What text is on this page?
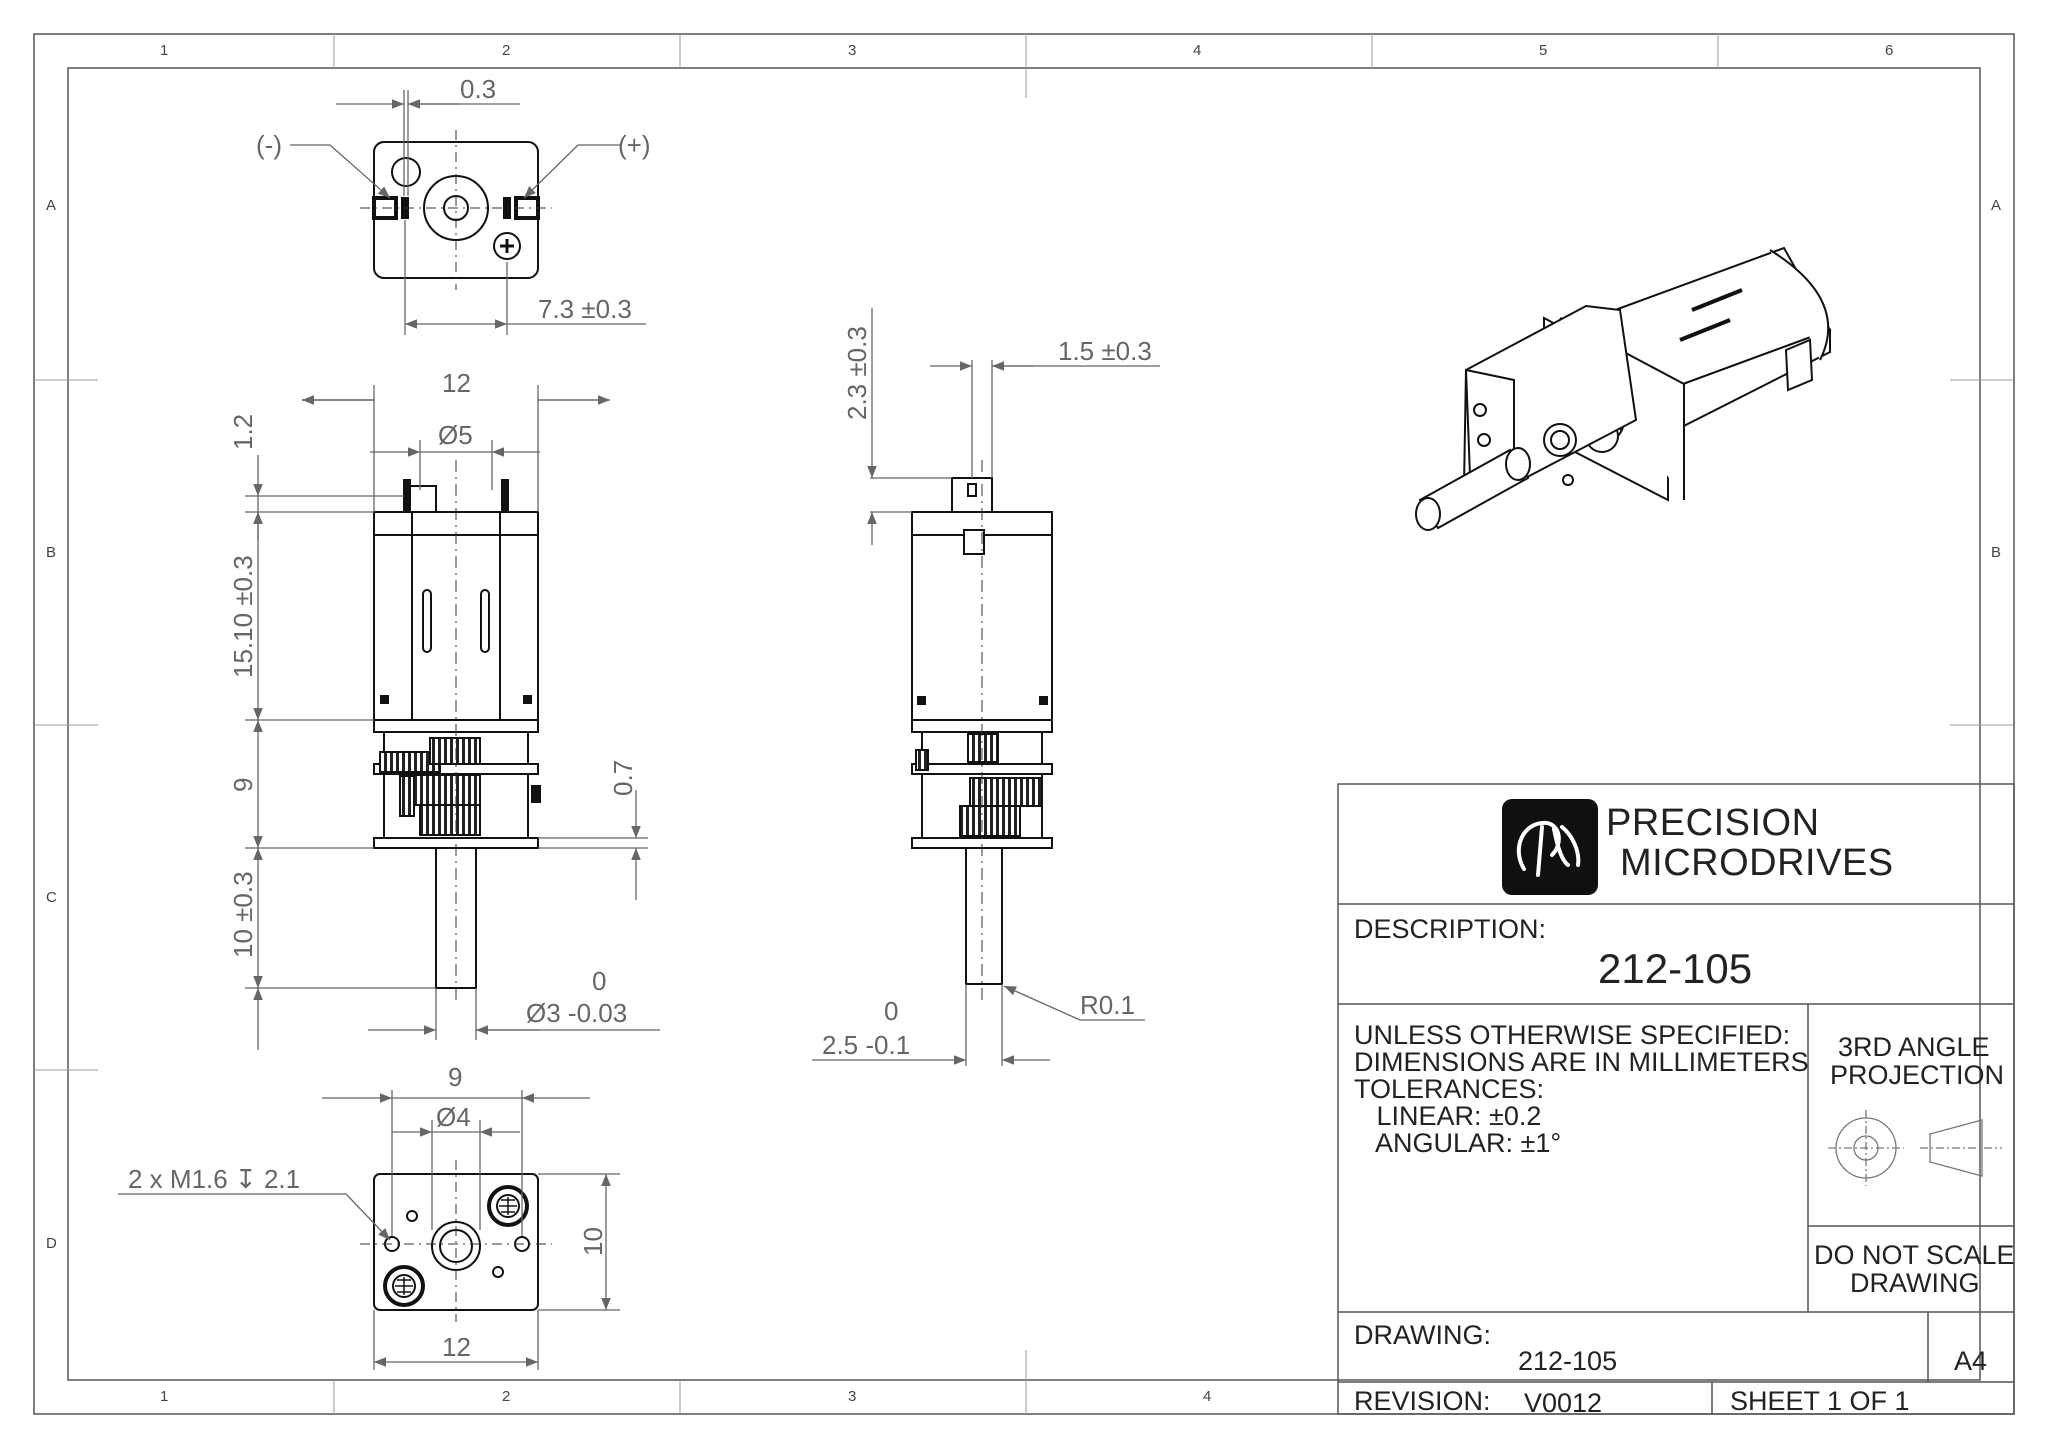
1	2	3	4	5	6
1	2	3	4
A
B
C
D
A
B
0.3
(-)	(+)
7.3 ±0.3
12
Ø5
1.2
15.10 ±0.3
9	0.7
10 ±0.3
0
Ø3 -0.03
2.3 ±0.3	1.5 ±0.3
R0.1
0
2.5 -0.1
9
Ø4
2 x M1.6 ↧ 2.1
10
12
PRECISION
MICRODRIVES
DESCRIPTION:
212-105
UNLESS OTHERWISE SPECIFIED:
DIMENSIONS ARE IN MILLIMETERS
TOLERANCES:
LINEAR: ±0.2
ANGULAR: ±1°
3RD ANGLE
PROJECTION
DO NOT SCALE
DRAWING
DRAWING:
212-105	A4
REVISION: V0012	SHEET 1 OF 1
